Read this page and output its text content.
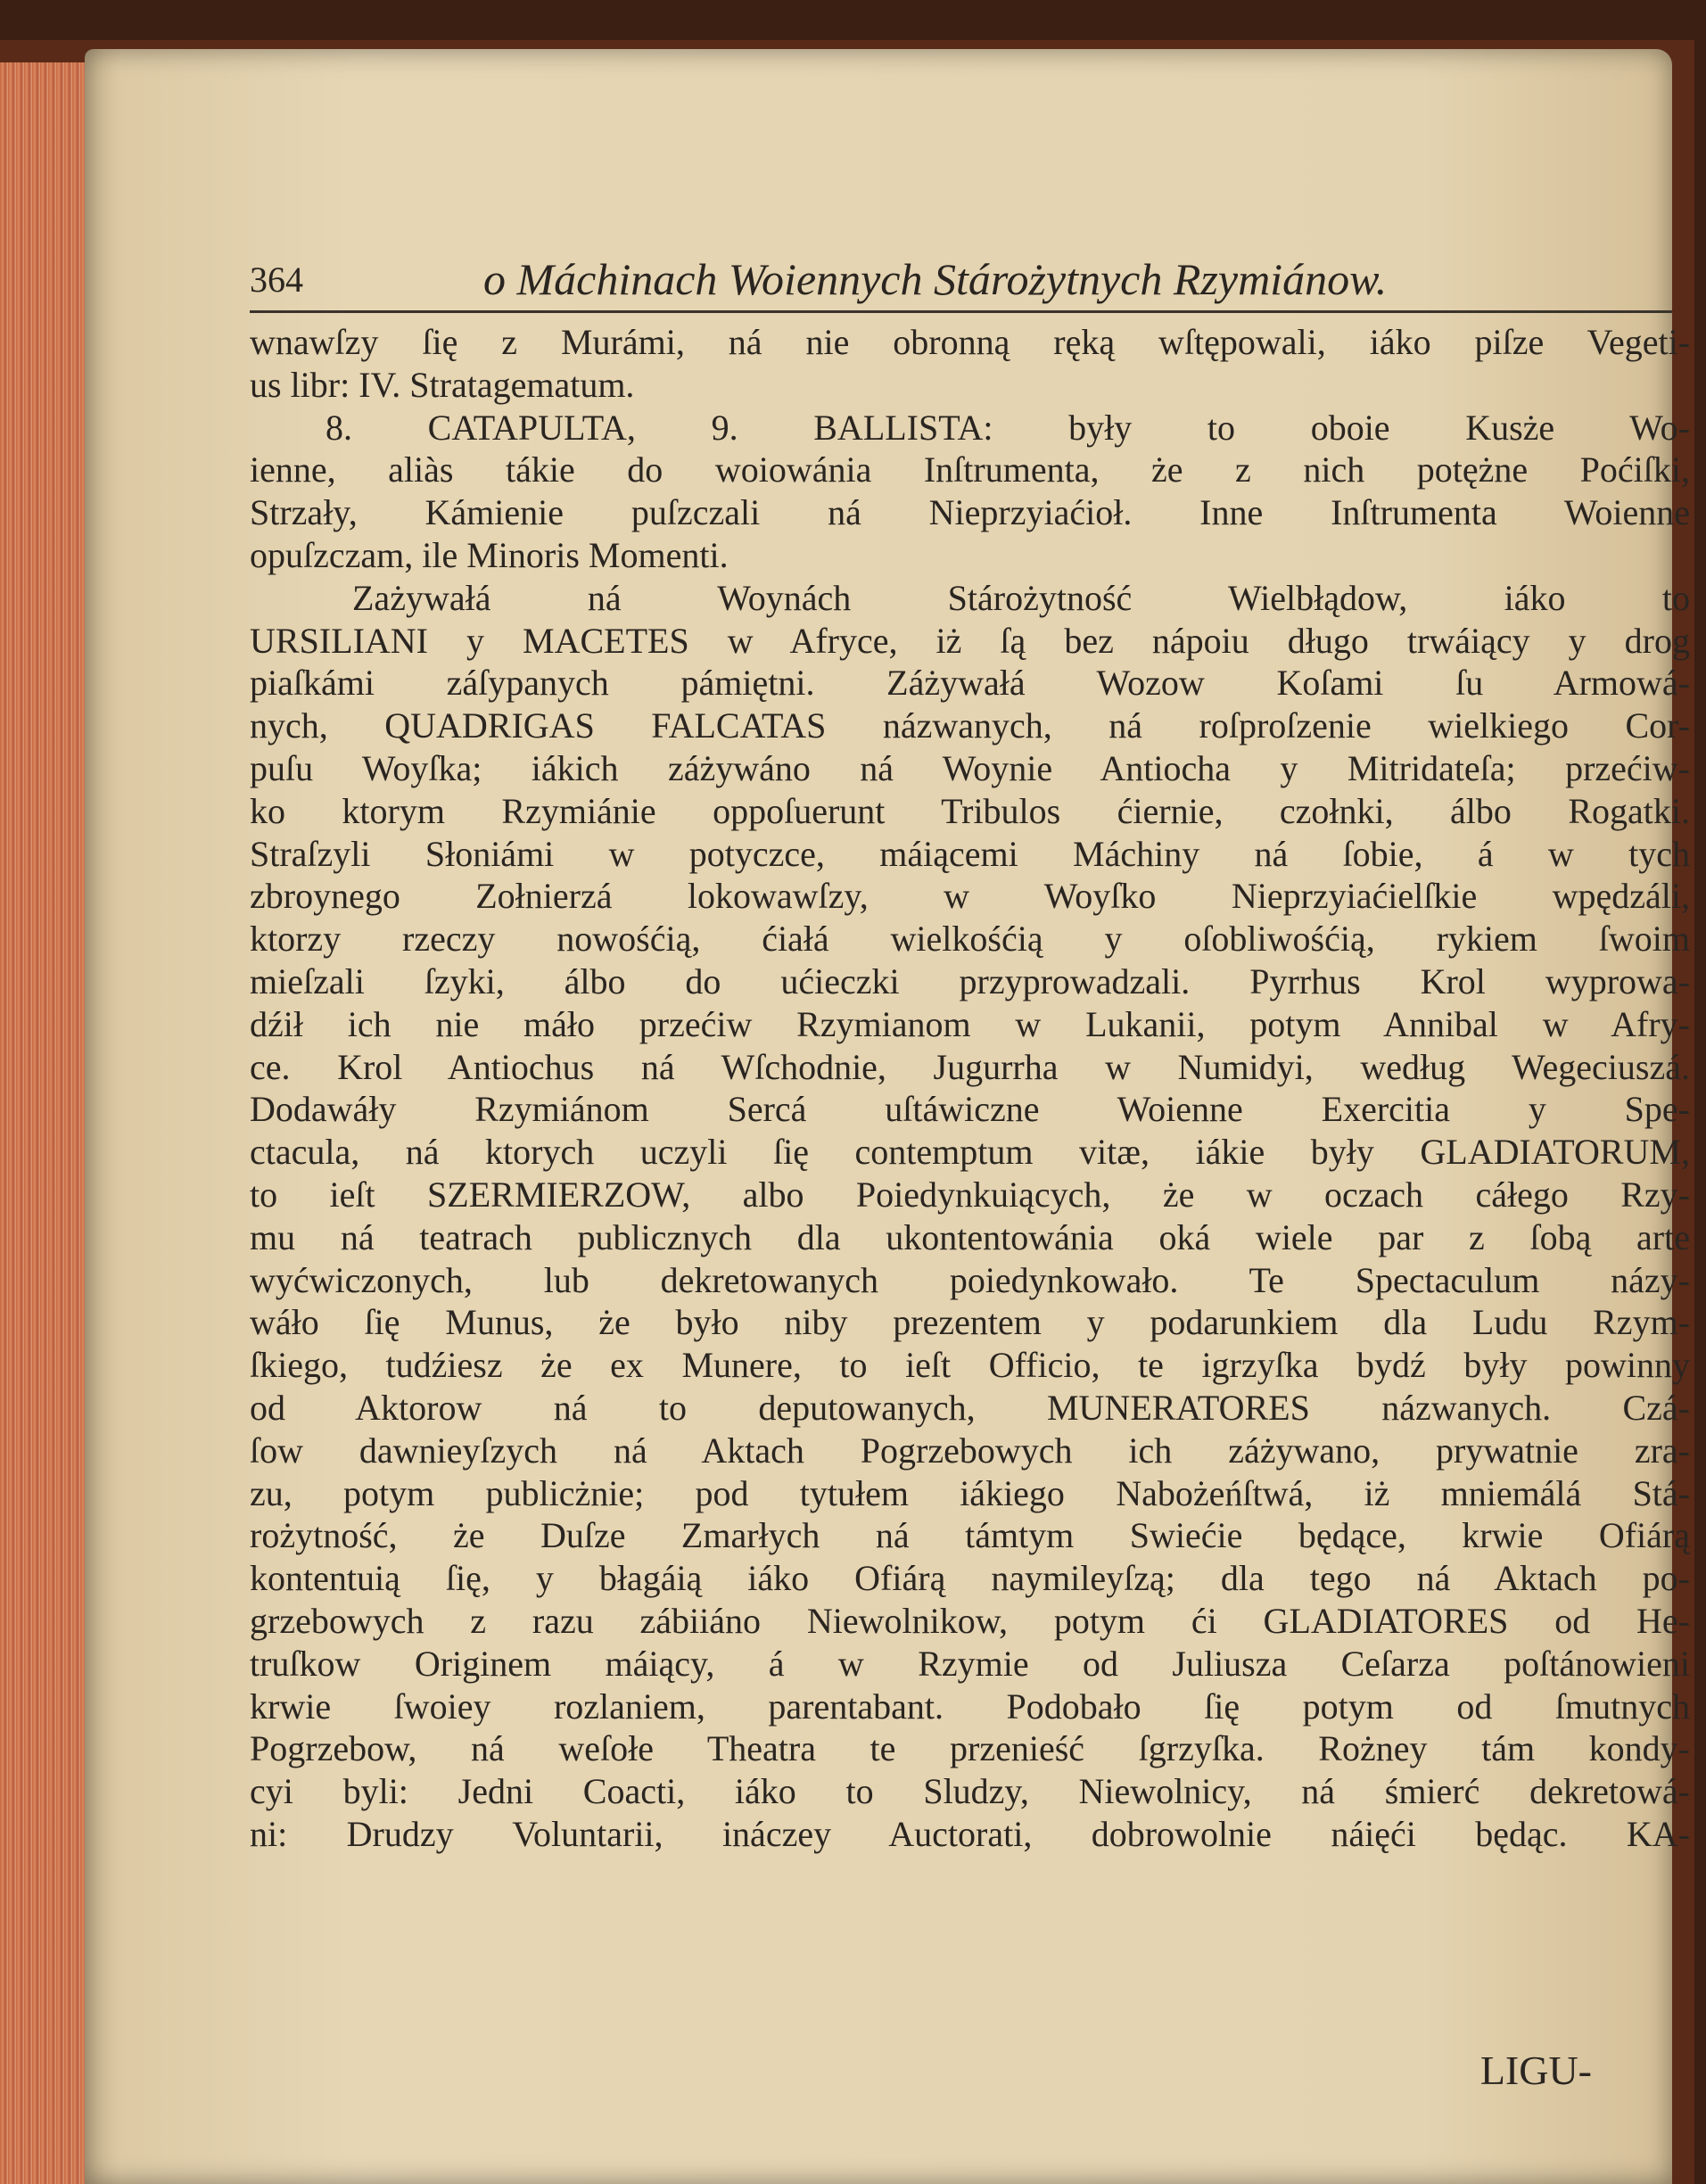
364	o Máchinach Woiennych Stárożytnych Rzymiánow.
wnawſzy ſię z Murámi, ná nie obronną ręką wſtępowali, iáko piſze Vegeti-
us libr: IV. Stratagematum.
8. CATAPULTA, 9. BALLISTA: były to oboie Kusże Wo-
ienne, aliàs tákie do woiowánia Inſtrumenta, że z nich potężne Poćiſki,
Strzały, Kámienie puſzczali ná Nieprzyiaćioł. Inne Inſtrumenta Woienne
opuſzczam, ile Minoris Momenti.
Zażywałá ná Woynách Stárożytność Wielbłądow, iáko to
URSILIANI y MACETES w Afryce, iż ſą bez nápoiu długo trwáiący y drog
piaſkámi záſypanych pámiętni. Záżywałá Wozow Koſami ſu Armowá-
nych, QUADRIGAS FALCATAS názwanych, ná roſproſzenie wielkiego Cor-
puſu Woyſka; iákich záżywáno ná Woynie Antiocha y Mitridateſa; przećiw-
ko ktorym Rzymiánie oppoſuerunt Tribulos ćiernie, czołnki, álbo Rogatki.
Straſzyli Słoniámi w potyczce, máiącemi Máchiny ná ſobie, á w tych
zbroynego Zołnierzá lokowawſzy, w Woyſko Nieprzyiaćielſkie wpędzáli,
ktorzy rzeczy nowośćią, ćiałá wielkośćią y oſobliwośćią, rykiem ſwoim
mieſzali ſzyki, álbo do ućieczki przyprowadzali. Pyrrhus Krol wyprowa-
dźił ich nie máło przećiw Rzymianom w Lukanii, potym Annibal w Afry-
ce. Krol Antiochus ná Wſchodnie, Jugurrha w Numidyi, według Wegeciuszá.
Dodawáły Rzymiánom Sercá uſtáwiczne Woienne Exercitia y Spe-
ctacula, ná ktorych uczyli ſię contemptum vitæ, iákie były GLADIATORUM,
to ieſt SZERMIERZOW, albo Poiedynkuiących, że w oczach cáłego Rzy-
mu ná teatrach publicznych dla ukontentowánia oká wiele par z ſobą arte
wyćwiczonych, lub dekretowanych poiedynkowało. Te Spectaculum názy-
wáło ſię Munus, że było niby prezentem y podarunkiem dla Ludu Rzym-
ſkiego, tudźiesz że ex Munere, to ieſt Officio, te igrzyſka bydź były powinny
od Aktorow ná to deputowanych, MUNERATORES názwanych. Czá-
ſow dawnieyſzych ná Aktach Pogrzebowych ich záżywano, prywatnie zra-
zu, potym publicżnie; pod tytułem iákiego Nabożeńſtwá, iż mniemálá Stá-
rożytność, że Duſze Zmarłych ná támtym Swiećie będące, krwie Ofiárą
kontentuią ſię, y błagáią iáko Ofiárą naymileyſzą; dla tego ná Aktach po-
grzebowych z razu zábiiáno Niewolnikow, potym ći GLADIATORES od He-
truſkow Originem máiący, á w Rzymie od Juliusza Ceſarza poſtánowieni
krwie ſwoiey rozlaniem, parentabant. Podobało ſię potym od ſmutnych
Pogrzebow, ná weſołe Theatra te przenieść ſgrzyſka. Rożney tám kondy-
cyi byli: Jedni Coacti, iáko to Sludzy, Niewolnicy, ná śmierć dekretowá-
ni: Drudzy Voluntarii, ináczey Auctorati, dobrowolnie náięći będąc. KA-
LIGU-
